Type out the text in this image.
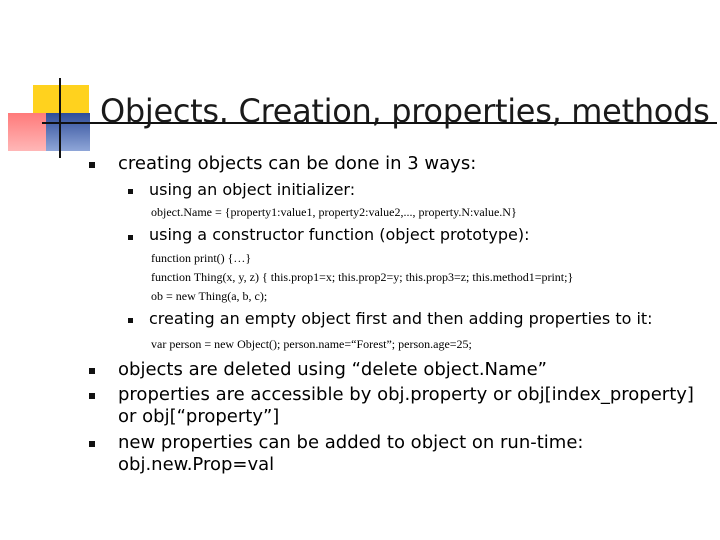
Objects. Creation, properties, methods
creating objects can be done in 3 ways:
using an object initializer:
object.Name = {property1:value1, property2:value2,..., property.N:value.N}
using a constructor function (object prototype):
function print() {…}
function Thing(x, y, z) { this.prop1=x; this.prop2=y; this.prop3=z; this.method1=print;}
ob = new Thing(a, b, c);
creating an empty object first and then adding properties to it:
var person = new Object(); person.name=“Forest”; person.age=25;
objects are deleted using “delete object.Name”
properties are accessible by obj.property or obj[index_property]
or obj[“property”]
new properties can be added to object on run-time:
obj.new.Prop=val
